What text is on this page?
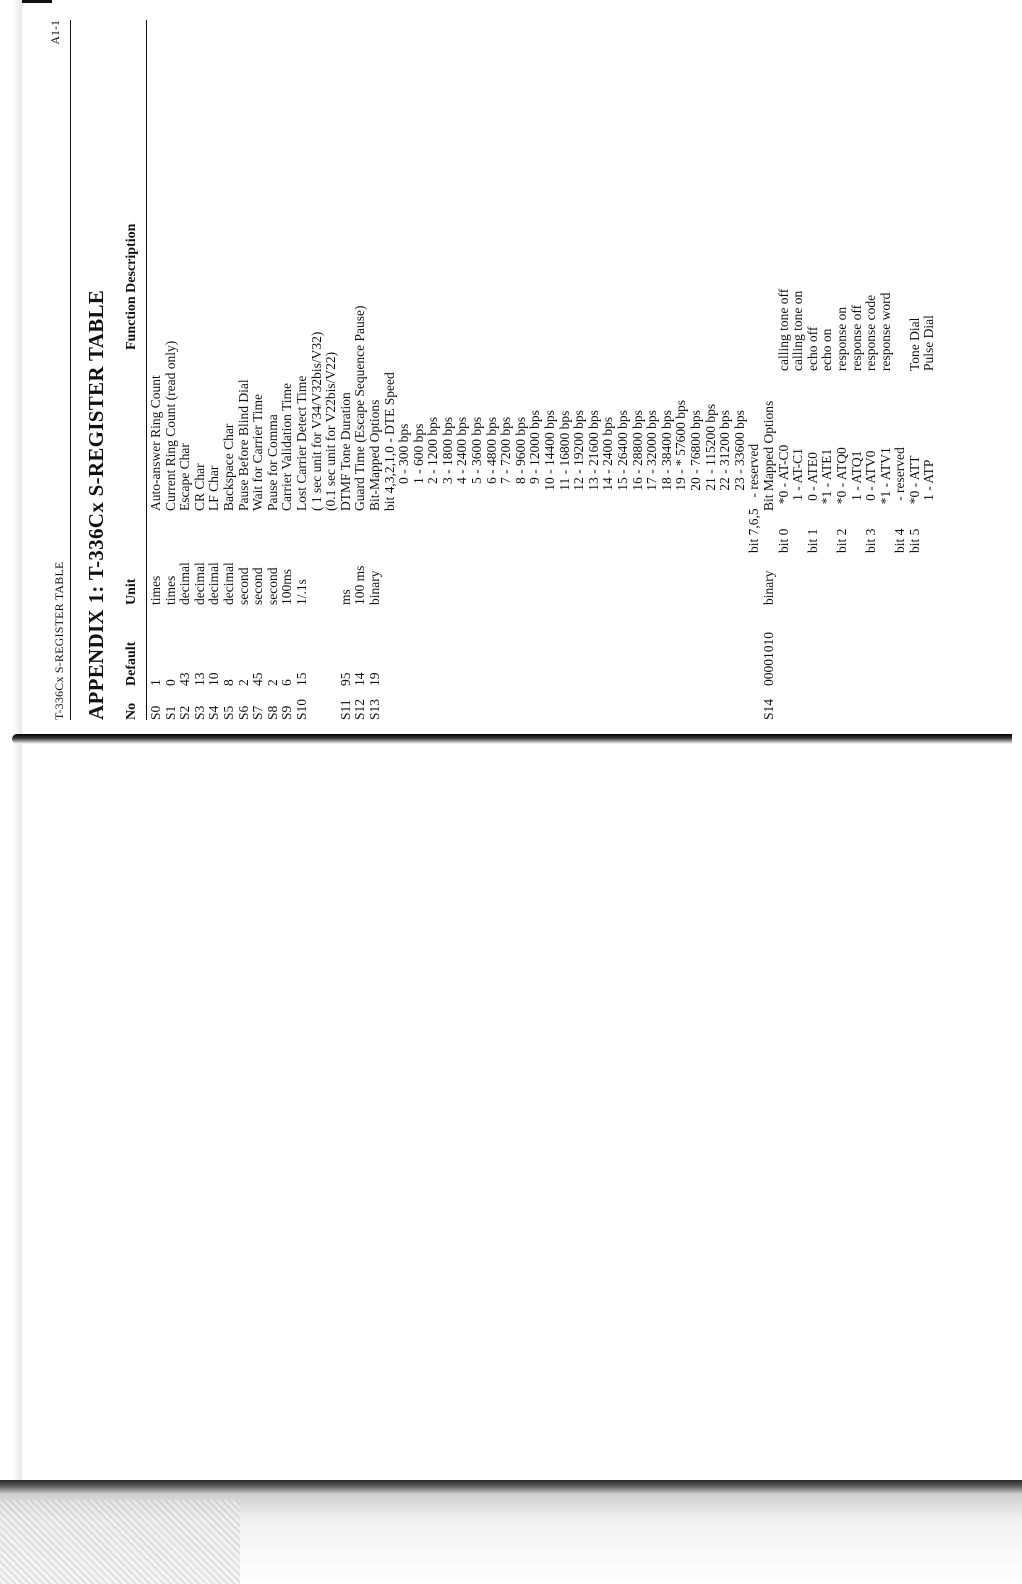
T-336Cx S-REGISTER TABLE
A1-1
APPENDIX 1: T-336Cx S-REGISTER TABLE No
Default
Unit
Function Description
S0
1
times
Auto-answer Ring Count
S1
0
times
Current Ring Count (read only)
S2
43
decimal
Escape Char
S3
13
decimal
CR Char
S4
10
decimal
LF Char
S5
8
decimal
Backspace Char
S6
2
second
Pause Before Blind Dial
S7
45
second
Wait for Carrier Time
S8
2
second
Pause for Comma
S9
6
100ms
Carrier Validation Time
S10
15
1/.1s
Lost Carrier Detect Time ( 1 sec unit for V34/V32bis/V32) (0.1 sec unit for V22bis/V22)
S11
95
ms
DTMF Tone Duration
S12
14
100 ms
Guard Time (Escape Sequence Pause)
S13
19
binary
Bit-Mapped Options bit 4,3,2,1,0 - DTE Speed 0 - 300 bps 1 - 600 bps 2 - 1200 bps 3 - 1800 bps 4 - 2400 bps 5 - 3600 bps 6 - 4800 bps 7 - 7200 bps 8 - 9600 bps 9 - 12000 bps 10 - 14400 bps 11 - 16800 bps 12 - 19200 bps 13 - 21600 bps 14 - 2400 bps 15 - 26400 bps 16 - 28800 bps 17 - 32000 bps 18 - 38400 bps 19 - * 57600 bps 20 - 76800 bps 21 - 115200 bps 22 - 31200 bps 23 - 33600 bps
bit 7,6,5
- reserved
S14
00001010
binary
Bit Mapped Options
bit 0
*0 - AT-C0
calling tone off
1 - AT-C1
calling tone on
bit 1
0 - ATE0
echo off
*1 - ATE1
echo on
bit 2
*0 - ATQ0
response on
1 - ATQ1
response off
bit 3
0 - ATV0
response code
*1 - ATV1
response word
bit 4
- reserved
bit 5
*0 - ATT
Tone Dial
1 - ATP
Pulse Dial
